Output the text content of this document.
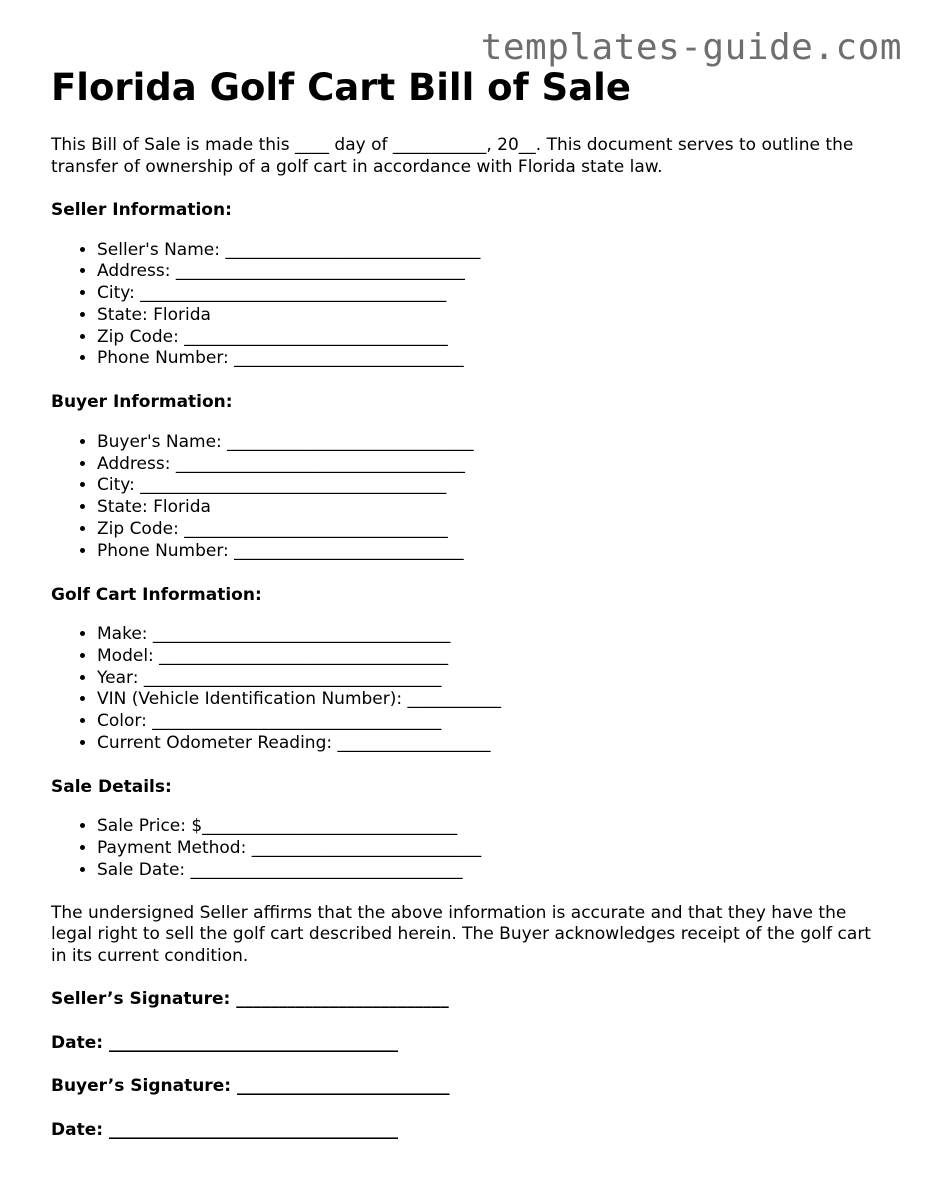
templates-guide.com
Florida Golf Cart Bill of Sale

This Bill of Sale is made this ____ day of ___________, 20__. This document serves to outline the transfer of ownership of a golf cart in accordance with Florida state law.

Seller Information:
• Seller's Name: ______________________________
• Address: __________________________________
• City: ____________________________________
• State: Florida
• Zip Code: _______________________________
• Phone Number: ___________________________
Buyer Information:
• Buyer's Name: _____________________________
• Address: __________________________________
• City: ____________________________________
• State: Florida
• Zip Code: _______________________________
• Phone Number: ___________________________
Golf Cart Information:
• Make: ___________________________________
• Model: __________________________________
• Year: ___________________________________
• VIN (Vehicle Identification Number): ___________
• Color: __________________________________
• Current Odometer Reading: __________________
Sale Details:
• Sale Price: $______________________________
• Payment Method: ___________________________
• Sale Date: ________________________________

The undersigned Seller affirms that the above information is accurate and that they have the legal right to sell the golf cart described herein. The Buyer acknowledges receipt of the golf cart in its current condition.

Seller’s Signature: _________________________
Date: __________________________________
Buyer’s Signature: _________________________
Date: __________________________________
